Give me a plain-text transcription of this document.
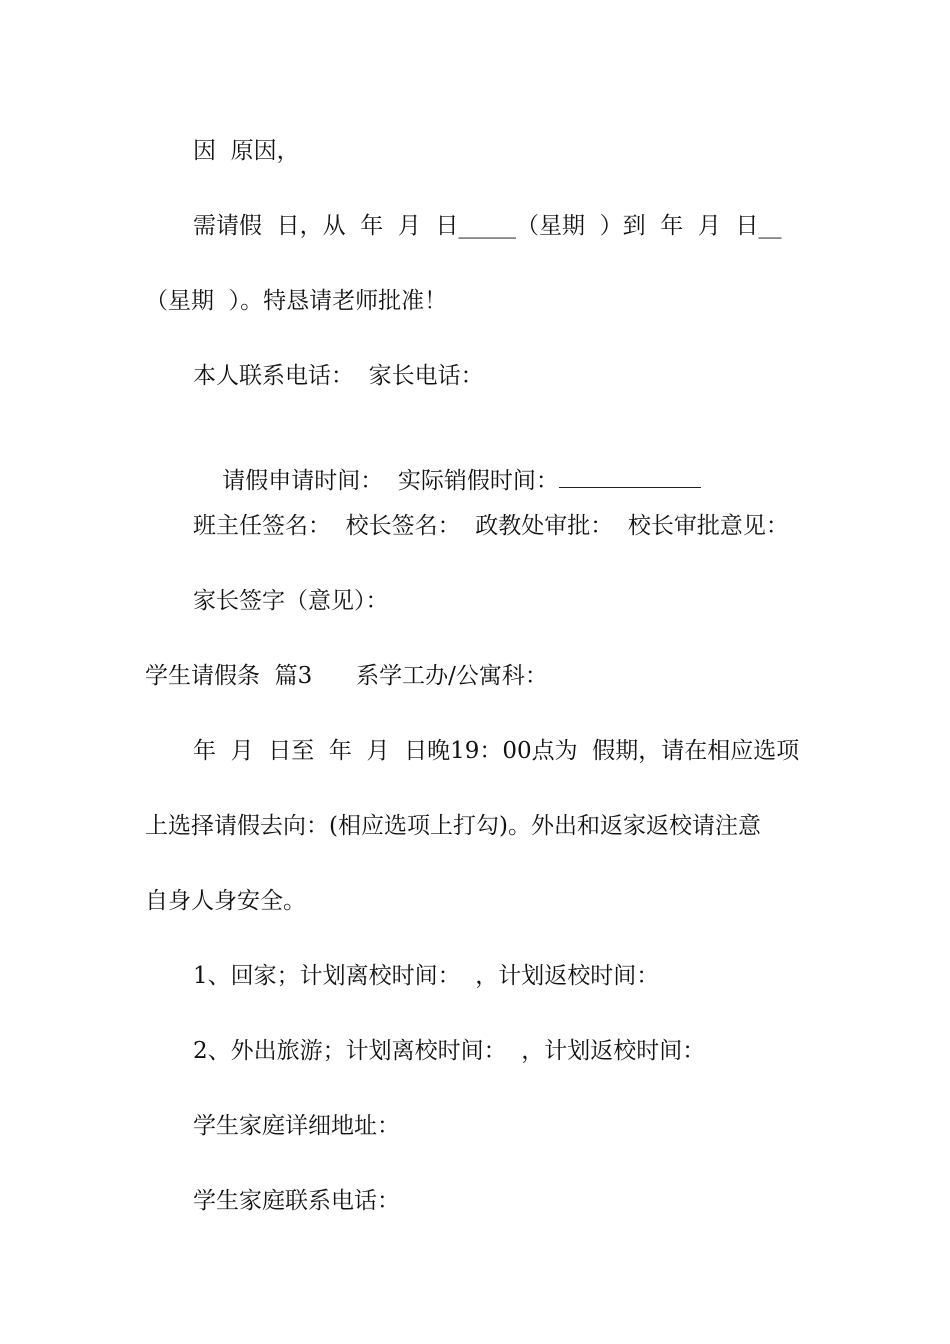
因  原因，
需请假  日，从  年  月  日_____（星期  ）到  年  月  日__
（星期  ）。特恳请老师批准！
本人联系电话：  家长电话：

请假申请时间：  实际销假时间：

班主任签名：  校长签名：  政教处审批：  校长审批意见：
家长签字（意见）：
学生请假条  篇3      系学工办/公寓科：
年  月  日至  年  月  日晚19：00点为  假期，请在相应选项
上选择请假去向：(相应选项上打勾)。外出和返家返校请注意
自身人身安全。
1、回家；计划离校时间：  ，计划返校时间：
2、外出旅游；计划离校时间：  ，计划返校时间：
学生家庭详细地址：
学生家庭联系电话：
